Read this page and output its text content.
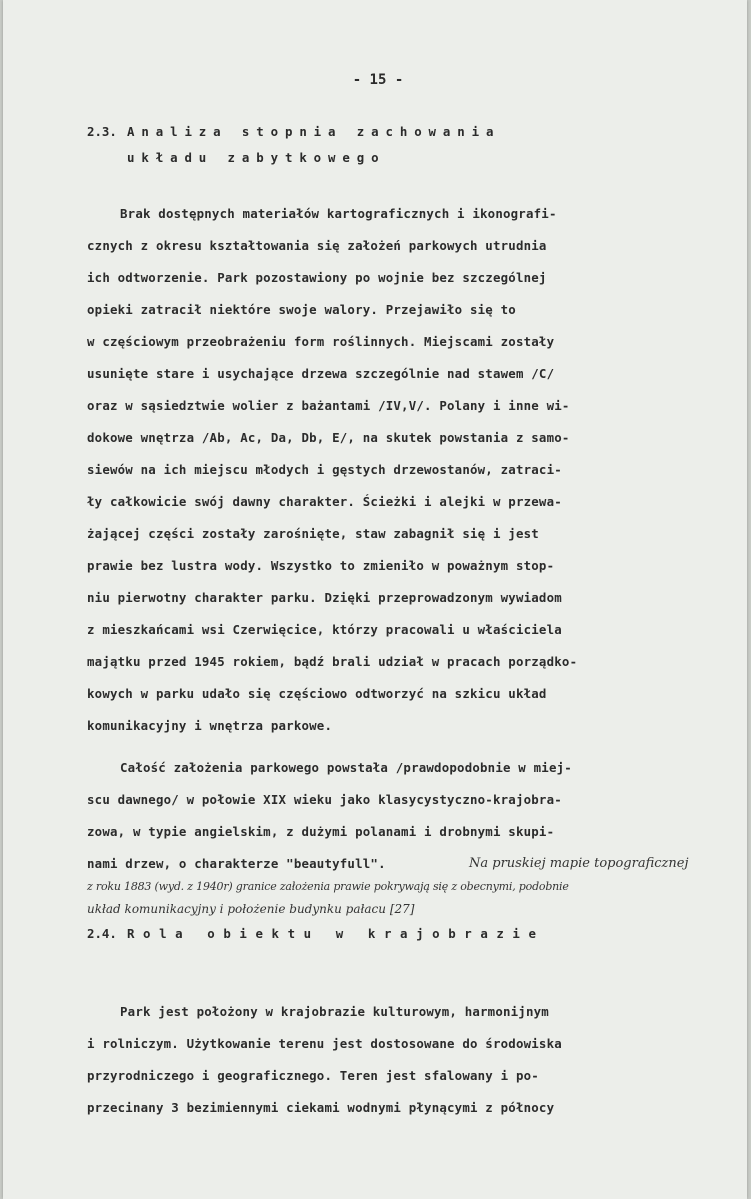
- 15 -
2.3. Analiza stopnia zachowania
układu zabytkowego
Brak dostępnych materiałów kartograficznych i ikonografi-
cznych z okresu kształtowania się założeń parkowych utrudnia
ich odtworzenie. Park pozostawiony po wojnie bez szczególnej
opieki zatracił niektóre swoje walory. Przejawiło się to
w częściowym przeobrażeniu form roślinnych. Miejscami zostały
usunięte stare i usychające drzewa szczególnie nad stawem /C/
oraz w sąsiedztwie wolier z bażantami /IV,V/. Polany i inne wi-
dokowe wnętrza /Ab, Ac, Da, Db, E/, na skutek powstania z samo-
siewów na ich miejscu młodych i gęstych drzewostanów, zatraci-
ły całkowicie swój dawny charakter. Ścieżki i alejki w przewa-
żającej części zostały zarośnięte, staw zabagnił się i jest
prawie bez lustra wody. Wszystko to zmieniło w poważnym stop-
niu pierwotny charakter parku. Dzięki przeprowadzonym wywiadom
z mieszkańcami wsi Czerwięcice, którzy pracowali u właściciela
majątku przed 1945 rokiem, bądź brali udział w pracach porządko-
kowych w parku udało się częściowo odtworzyć na szkicu układ
komunikacyjny i wnętrza parkowe.
Całość założenia parkowego powstała /prawdopodobnie w miej-
scu dawnego/ w połowie XIX wieku jako klasycystyczno-krajobra-
zowa, w typie angielskim, z dużymi polanami i drobnymi skupi-
nami drzew, o charakterze "beautyfull".	Na pruskiej mapie topograficznej
z roku 1883 (wyd. z 1940r) granice założenia prawie pokrywają się z obecnymi, podobnie
układ komunikacyjny i położenie budynku pałacu [27]
2.4. Rola obiektu w krajobrazie
Park jest położony w krajobrazie kulturowym, harmonijnym
i rolniczym. Użytkowanie terenu jest dostosowane do środowiska
przyrodniczego i geograficznego. Teren jest sfalowany i po-
przecinany 3 bezimiennymi ciekami wodnymi płynącymi z północy
